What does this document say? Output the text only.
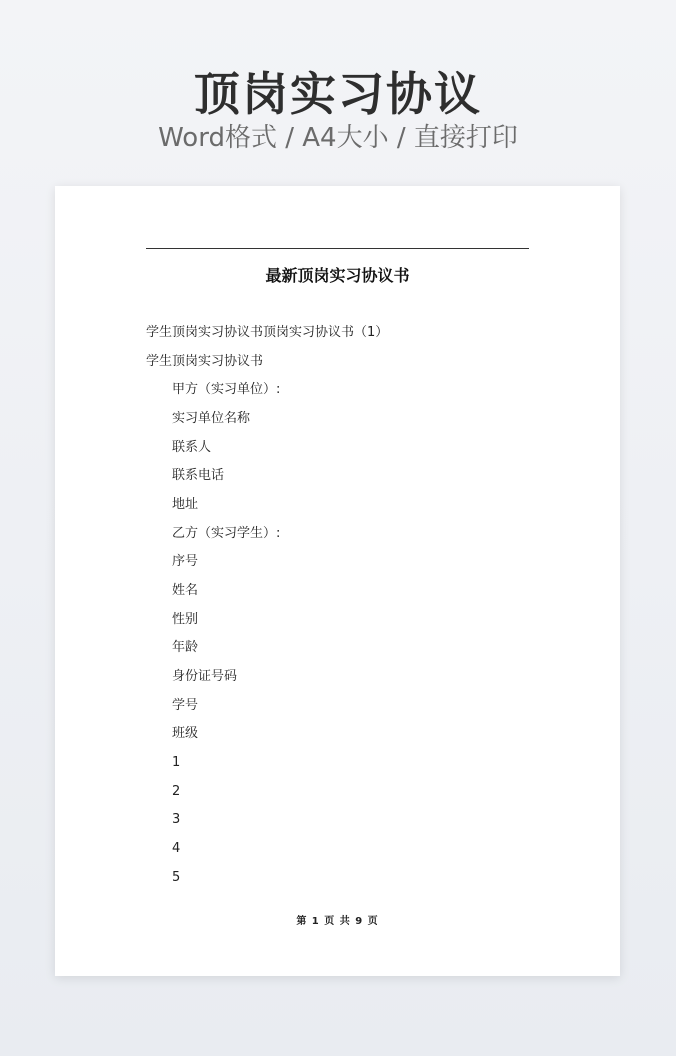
顶岗实习协议
Word格式 / A4大小 / 直接打印
最新顶岗实习协议书
学生顶岗实习协议书顶岗实习协议书（1）
学生顶岗实习协议书
甲方（实习单位）:
实习单位名称
联系人
联系电话
地址
乙方（实习学生）:
序号
姓名
性别
年龄
身份证号码
学号
班级
1
2
3
4
5
第 1 页 共 9 页
